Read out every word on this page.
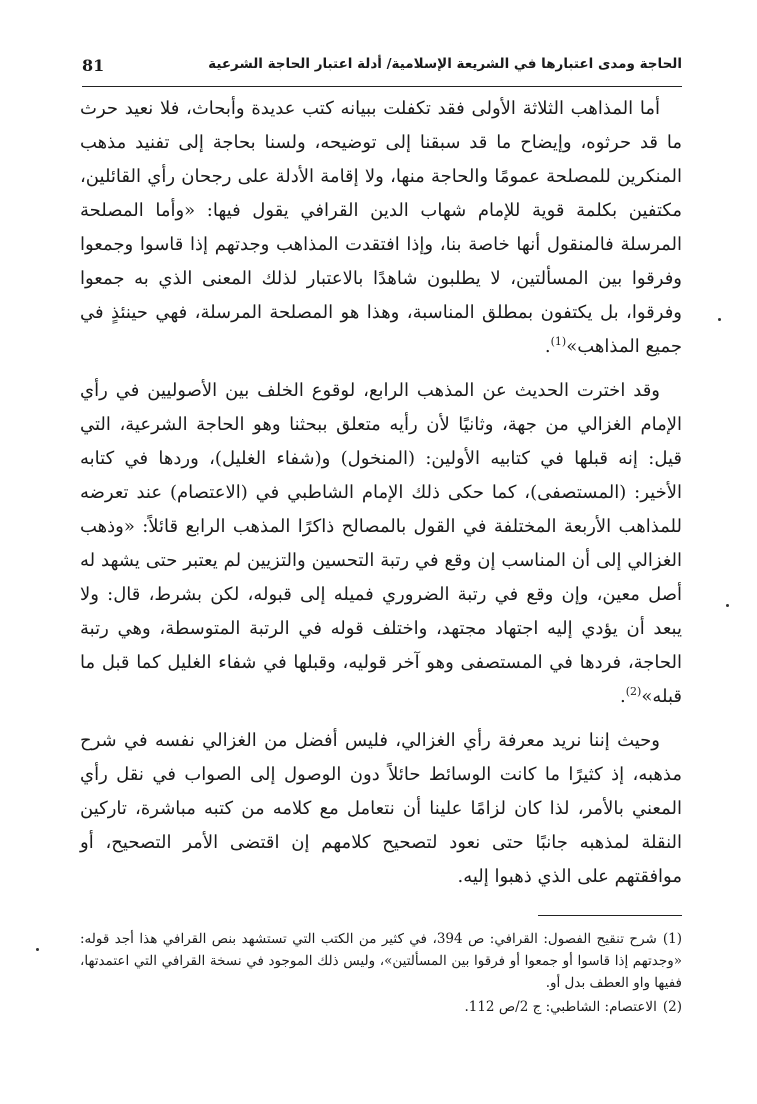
81	الحاجة ومدى اعتبارها في الشريعة الإسلامية/ أدلة اعتبار الحاجة الشرعية

أما المذاهب الثلاثة الأولى فقد تكفلت ببيانه كتب عديدة وأبحاث، فلا نعيد حرث ما قد حرثوه، وإيضاح ما قد سبقنا إلى توضيحه، ولسنا بحاجة إلى تفنيد مذهب المنكرين للمصلحة عمومًا والحاجة منها، ولا إقامة الأدلة على رجحان رأي القائلين، مكتفين بكلمة قوية للإمام شهاب الدين القرافي يقول فيها: «وأما المصلحة المرسلة فالمنقول أنها خاصة بنا، وإذا افتقدت المذاهب وجدتهم إذا قاسوا وجمعوا وفرقوا بين المسألتين، لا يطلبون شاهدًا بالاعتبار لذلك المعنى الذي به جمعوا وفرقوا، بل يكتفون بمطلق المناسبة، وهذا هو المصلحة المرسلة، فهي حينئذٍ في جميع المذاهب»$^{(1)}$.

وقد اخترت الحديث عن المذهب الرابع، لوقوع الخلف بين الأصوليين في رأي الإمام الغزالي من جهة، وثانيًا لأن رأيه متعلق ببحثنا وهو الحاجة الشرعية، التي قيل: إنه قبلها في كتابيه الأولين: (المنخول) و(شفاء الغليل)، وردها في كتابه الأخير: (المستصفى)، كما حكى ذلك الإمام الشاطبي في (الاعتصام) عند تعرضه للمذاهب الأربعة المختلفة في القول بالمصالح ذاكرًا المذهب الرابع قائلاً: «وذهب الغزالي إلى أن المناسب إن وقع في رتبة التحسين والتزيين لم يعتبر حتى يشهد له أصل معين، وإن وقع في رتبة الضروري فميله إلى قبوله، لكن بشرط، قال: ولا يبعد أن يؤدي إليه اجتهاد مجتهد، واختلف قوله في الرتبة المتوسطة، وهي رتبة الحاجة، فردها في المستصفى وهو آخر قوليه، وقبلها في شفاء الغليل كما قبل ما قبله»$^{(2)}$.

وحيث إننا نريد معرفة رأي الغزالي، فليس أفضل من الغزالي نفسه في شرح مذهبه، إذ كثيرًا ما كانت الوسائط حائلاً دون الوصول إلى الصواب في نقل رأي المعني بالأمر، لذا كان لزامًا علينا أن نتعامل مع كلامه من كتبه مباشرة، تاركين النقلة لمذهبه جانبًا حتى نعود لتصحيح كلامهم إن اقتضى الأمر التصحيح، أو موافقتهم على الذي ذهبوا إليه.

(1)شرح تنقيح الفصول: القرافي: ص 394، في كثير من الكتب التي تستشهد بنص القرافي هذا أجد قوله: «وجدتهم إذا قاسوا أو جمعوا أو فرقوا بين المسألتين»، وليس ذلك الموجود في نسخة القرافي التي اعتمدتها، ففيها واو العطف بدل أو.

(2)الاعتصام: الشاطبي: ج 2/ص 112.
